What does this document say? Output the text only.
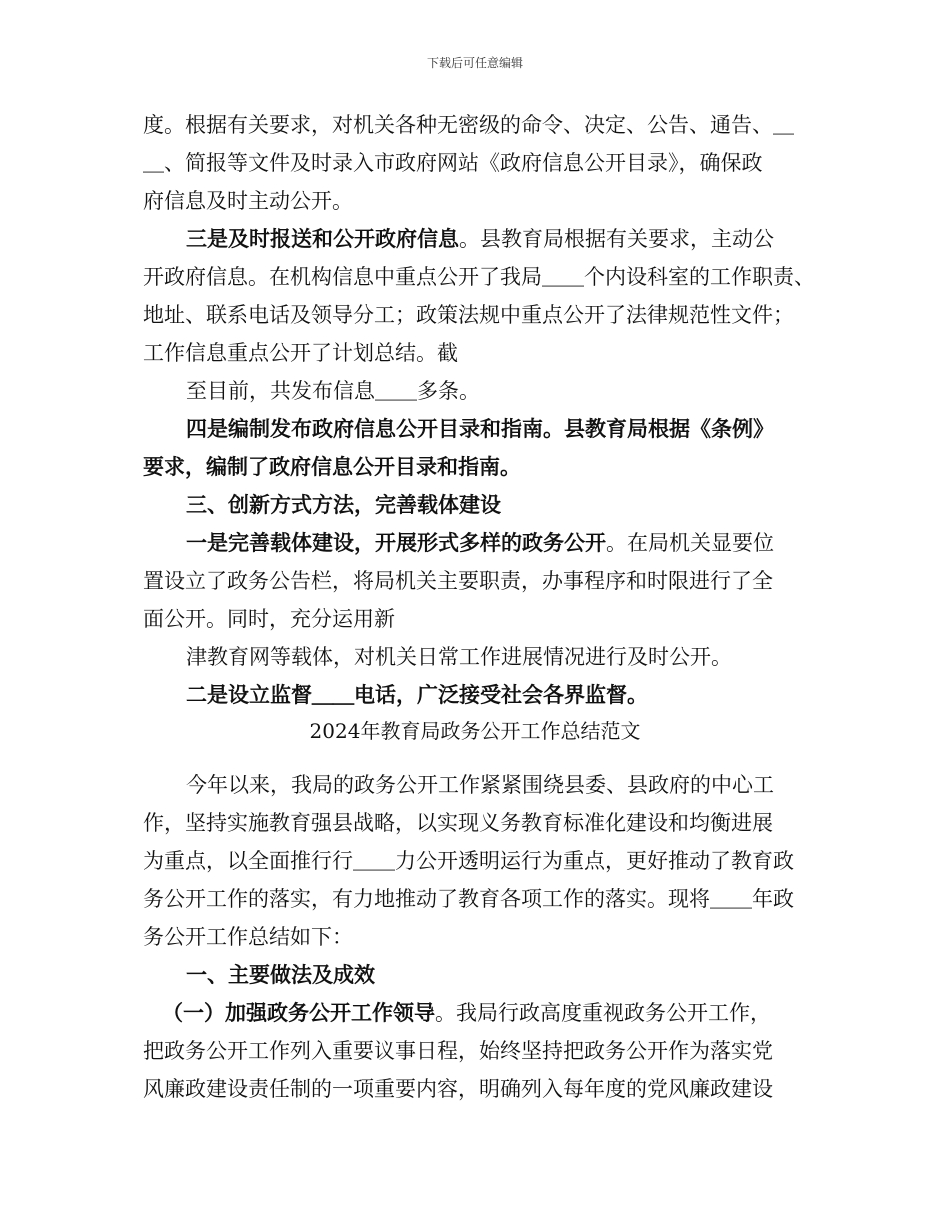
下载后可任意编辑

度。根据有关要求，对机关各种无密级的命令、决定、公告、通告、＿

＿、简报等文件及时录入市政府网站《政府信息公开目录》，确保政

府信息及时主动公开。

三是及时报送和公开政府信息。县教育局根据有关要求，主动公

开政府信息。在机构信息中重点公开了我局＿＿个内设科室的工作职责、

地址、联系电话及领导分工；政策法规中重点公开了法律规范性文件；

工作信息重点公开了计划总结。截

至目前，共发布信息＿＿多条。

四是编制发布政府信息公开目录和指南。县教育局根据《条例》

要求，编制了政府信息公开目录和指南。

三、创新方式方法，完善载体建设

一是完善载体建设，开展形式多样的政务公开。在局机关显要位

置设立了政务公告栏，将局机关主要职责，办事程序和时限进行了全

面公开。同时，充分运用新

津教育网等载体，对机关日常工作进展情况进行及时公开。

二是设立监督＿＿电话，广泛接受社会各界监督。

2024年教育局政务公开工作总结范文

今年以来，我局的政务公开工作紧紧围绕县委、县政府的中心工

作，坚持实施教育强县战略，以实现义务教育标准化建设和均衡进展

为重点，以全面推行行＿＿力公开透明运行为重点，更好推动了教育政

务公开工作的落实，有力地推动了教育各项工作的落实。现将＿＿年政

务公开工作总结如下：

一、主要做法及成效

（一）加强政务公开工作领导。我局行政高度重视政务公开工作，

把政务公开工作列入重要议事日程，始终坚持把政务公开作为落实党

风廉政建设责任制的一项重要内容，明确列入每年度的党风廉政建设
